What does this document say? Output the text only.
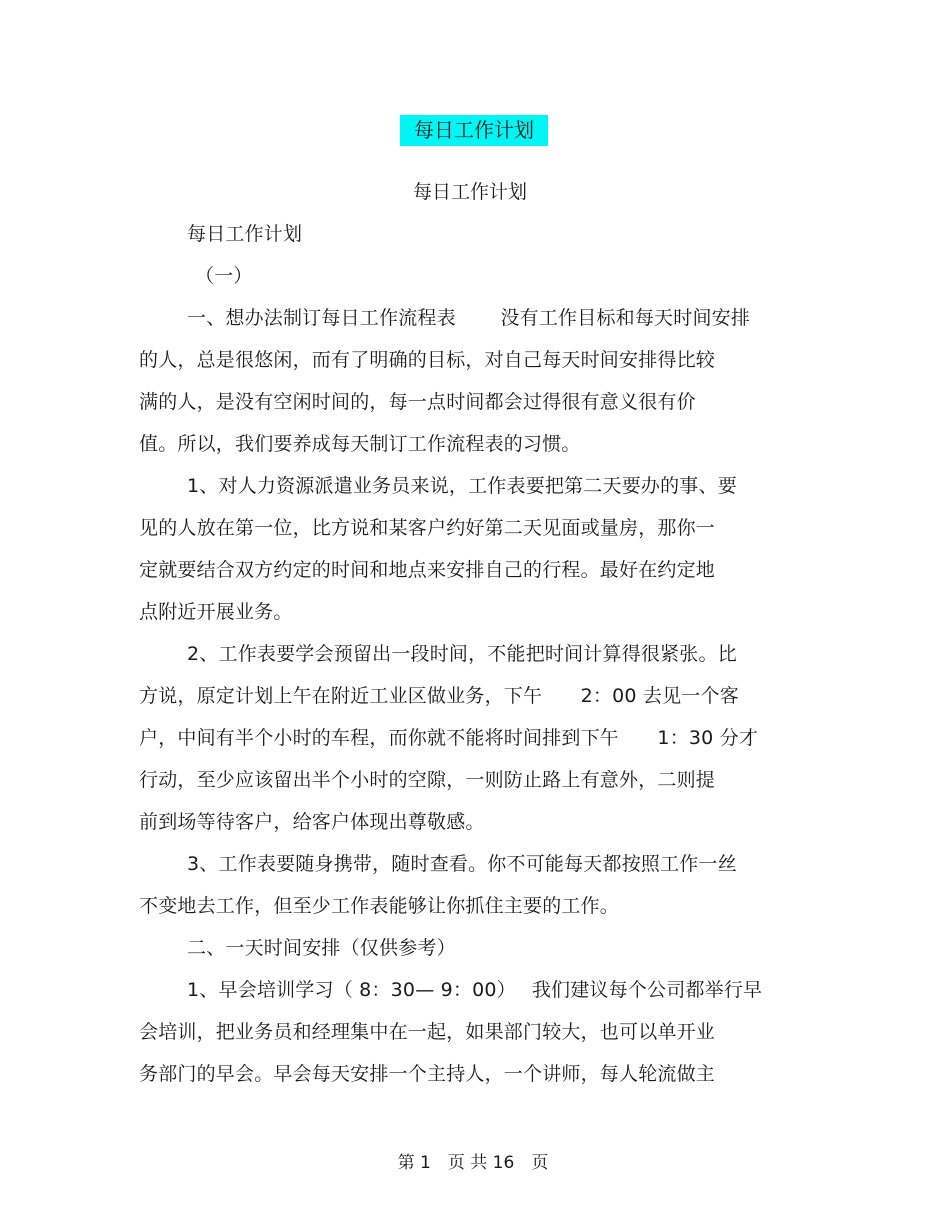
每日工作计划
每日工作计划
每日工作计划
（一）
一、想办法制订每日工作流程表　　 没有工作目标和每天时间安排
的人，总是很悠闲，而有了明确的目标，对自己每天时间安排得比较
满的人，是没有空闲时间的，每一点时间都会过得很有意义很有价
值。所以，我们要养成每天制订工作流程表的习惯。
1、对人力资源派遣业务员来说，工作表要把第二天要办的事、要
见的人放在第一位，比方说和某客户约好第二天见面或量房，那你一
定就要结合双方约定的时间和地点来安排自己的行程。最好在约定地
点附近开展业务。
2、工作表要学会预留出一段时间，不能把时间计算得很紧张。比
方说，原定计划上午在附近工业区做业务，下午　　2：00 去见一个客
户，中间有半个小时的车程，而你就不能将时间排到下午　　1：30 分才
行动，至少应该留出半个小时的空隙，一则防止路上有意外，二则提
前到场等待客户，给客户体现出尊敬感。
3、工作表要随身携带，随时查看。你不可能每天都按照工作一丝
不变地去工作，但至少工作表能够让你抓住主要的工作。
二、一天时间安排（仅供参考）
1、早会培训学习（ 8：30— 9：00）　 我们建议每个公司都举行早
会培训，把业务员和经理集中在一起，如果部门较大，也可以单开业
务部门的早会。早会每天安排一个主持人，一个讲师，每人轮流做主
第 1　页 共 16　页
